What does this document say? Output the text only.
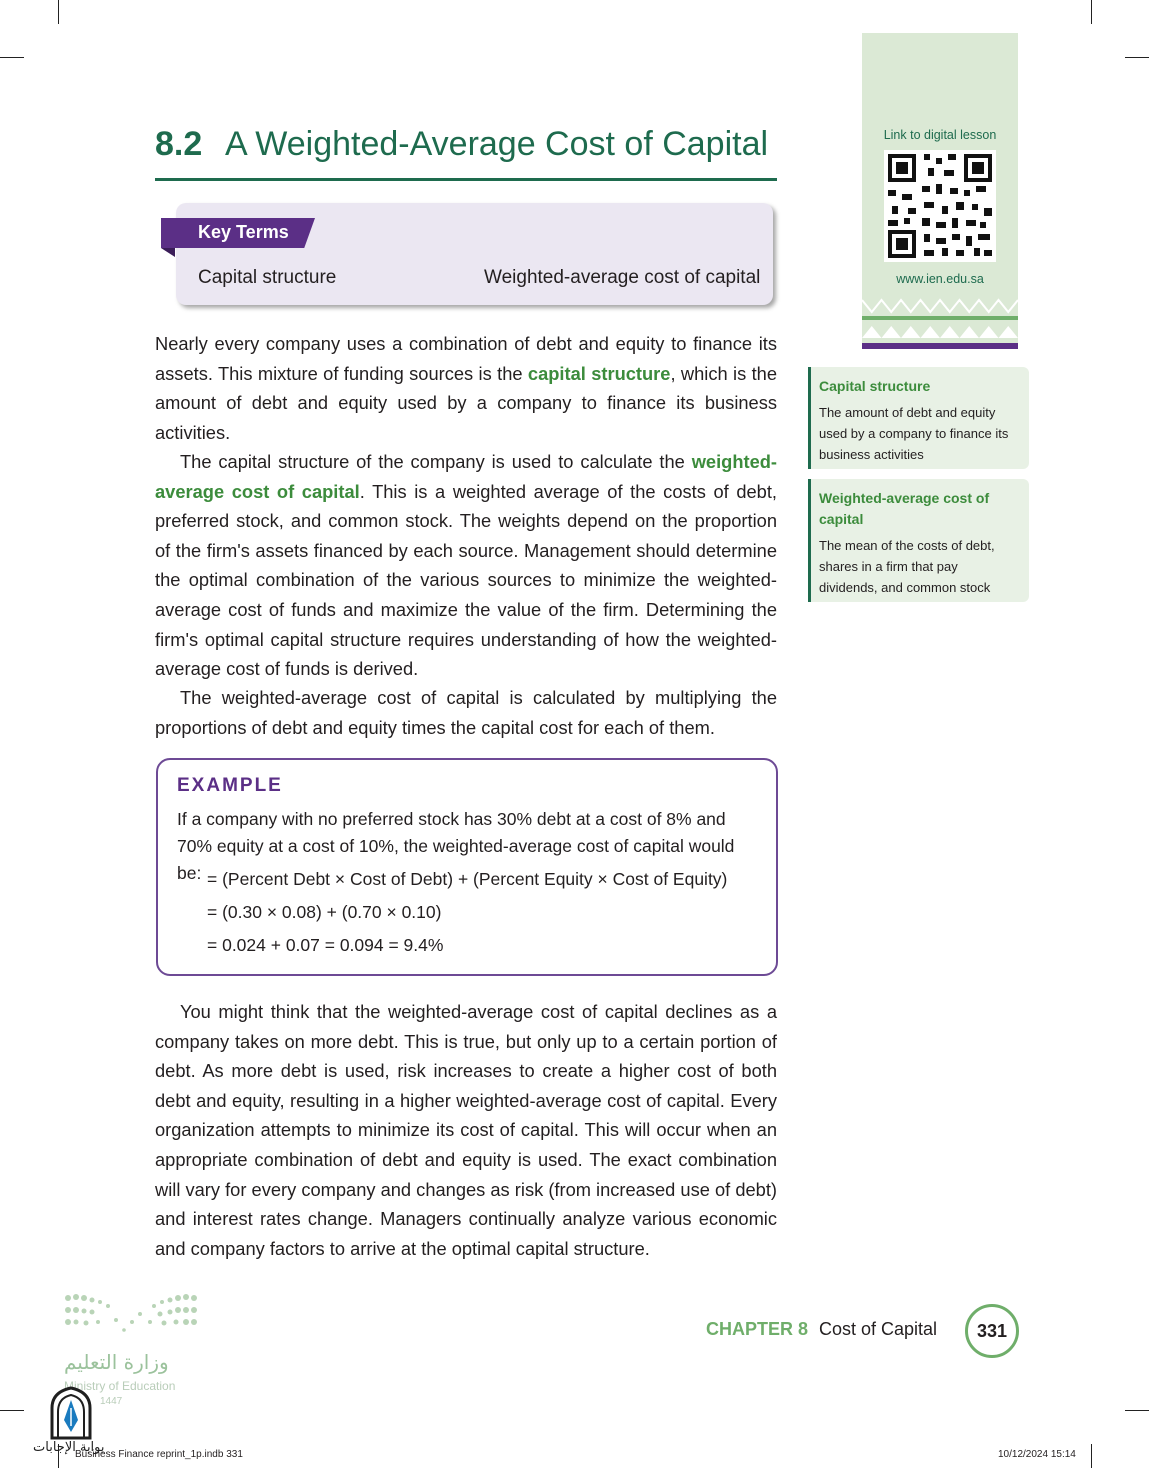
8.2 A Weighted-Average Cost of Capital
Key Terms
Capital structure	Weighted-average cost of capital
Nearly every company uses a combination of debt and equity to finance its assets. This mixture of funding sources is the capital structure, which is the amount of debt and equity used by a company to finance its business activities.
The capital structure of the company is used to calculate the weighted-average cost of capital. This is a weighted average of the costs of debt, preferred stock, and common stock. The weights depend on the proportion of the firm's assets financed by each source. Management should determine the optimal combination of the various sources to minimize the weighted-average cost of funds and maximize the value of the firm. Determining the firm's optimal capital structure requires understanding of how the weighted-average cost of funds is derived.
The weighted-average cost of capital is calculated by multiplying the proportions of debt and equity times the capital cost for each of them.
EXAMPLE
If a company with no preferred stock has 30% debt at a cost of 8% and 70% equity at a cost of 10%, the weighted-average cost of capital would be: = (Percent Debt × Cost of Debt) + (Percent Equity × Cost of Equity)
= (0.30 × 0.08) + (0.70 × 0.10)
= 0.024 + 0.07 = 0.094 = 9.4%
You might think that the weighted-average cost of capital declines as a company takes on more debt. This is true, but only up to a certain portion of debt. As more debt is used, risk increases to create a higher cost of both debt and equity, resulting in a higher weighted-average cost of capital. Every organization attempts to minimize its cost of capital. This will occur when an appropriate combination of debt and equity is used. The exact combination will vary for every company and changes as risk (from increased use of debt) and interest rates change. Managers continually analyze various economic and company factors to arrive at the optimal capital structure.
Link to digital lesson
www.ien.edu.sa
Capital structure
The amount of debt and equity used by a company to finance its business activities
Weighted-average cost of capital
The mean of the costs of debt, shares in a firm that pay dividends, and common stock
CHAPTER 8 Cost of Capital	331
وزارة التعليم
Ministry of Education
1447
بوابة الإجابات
Business Finance reprint_1p.indb 331	10/12/2024 15:14
